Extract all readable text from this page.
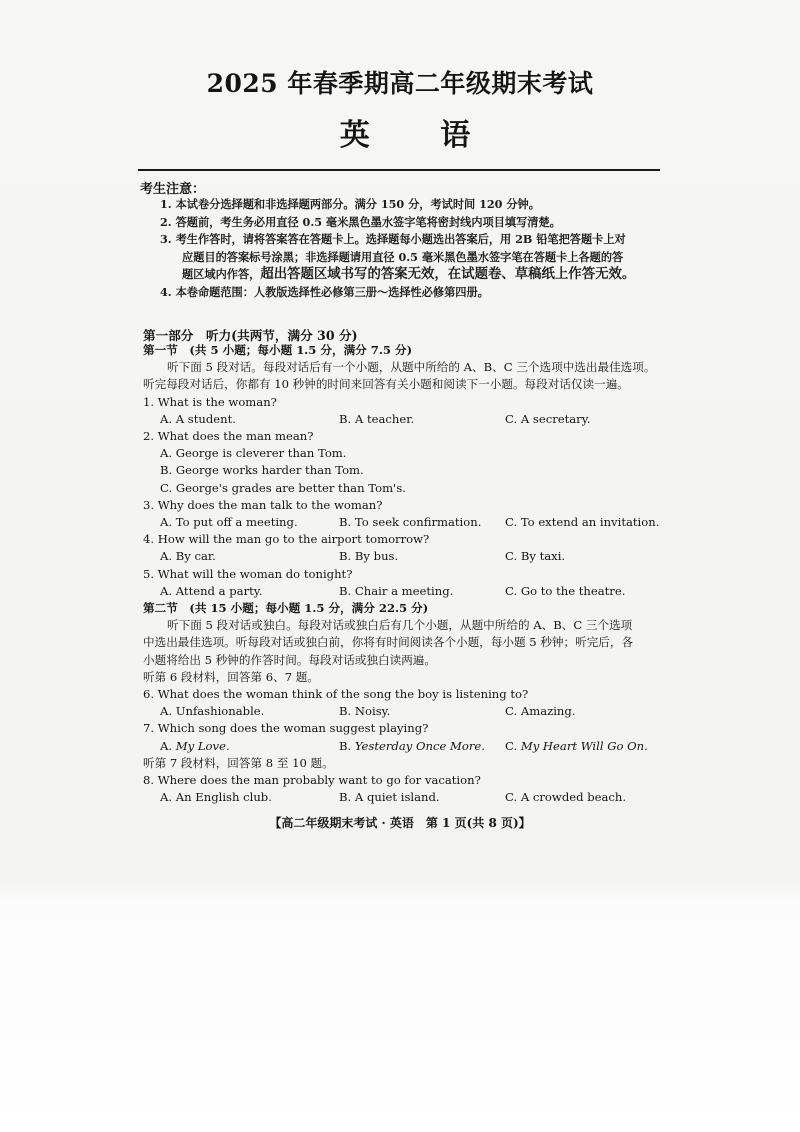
2025 年春季期高二年级期末考试
英 语
考生注意：
1. 本试卷分选择题和非选择题两部分。满分 150 分，考试时间 120 分钟。
2. 答题前，考生务必用直径 0.5 毫米黑色墨水签字笔将密封线内项目填写清楚。
3. 考生作答时，请将答案答在答题卡上。选择题每小题选出答案后，用 2B 铅笔把答题卡上对
应题目的答案标号涂黑；非选择题请用直径 0.5 毫米黑色墨水签字笔在答题卡上各题的答
题区域内作答，超出答题区域书写的答案无效，在试题卷、草稿纸上作答无效。
4. 本卷命题范围：人教版选择性必修第三册～选择性必修第四册。
第一部分　听力(共两节，满分 30 分)
第一节　(共 5 小题；每小题 1.5 分，满分 7.5 分)
听下面 5 段对话。每段对话后有一个小题，从题中所给的 A、B、C 三个选项中选出最佳选项。
听完每段对话后，你都有 10 秒钟的时间来回答有关小题和阅读下一小题。每段对话仅读一遍。
1. What is the woman?
A. A student.	B. A teacher.	C. A secretary.
2. What does the man mean?
A. George is cleverer than Tom.
B. George works harder than Tom.
C. George's grades are better than Tom's.
3. Why does the man talk to the woman?
A. To put off a meeting.	B. To seek confirmation.	C. To extend an invitation.
4. How will the man go to the airport tomorrow?
A. By car.	B. By bus.	C. By taxi.
5. What will the woman do tonight?
A. Attend a party.	B. Chair a meeting.	C. Go to the theatre.
第二节　(共 15 小题；每小题 1.5 分，满分 22.5 分)
听下面 5 段对话或独白。每段对话或独白后有几个小题，从题中所给的 A、B、C 三个选项
中选出最佳选项。听每段对话或独白前，你将有时间阅读各个小题，每小题 5 秒钟；听完后，各
小题将给出 5 秒钟的作答时间。每段对话或独白读两遍。
听第 6 段材料，回答第 6、7 题。
6. What does the woman think of the song the boy is listening to?
A. Unfashionable.	B. Noisy.	C. Amazing.
7. Which song does the woman suggest playing?
A. My Love.	B. Yesterday Once More.	C. My Heart Will Go On.
听第 7 段材料，回答第 8 至 10 题。
8. Where does the man probably want to go for vacation?
A. An English club.	B. A quiet island.	C. A crowded beach.
【高二年级期末考试 · 英语　第 1 页(共 8 页)】
